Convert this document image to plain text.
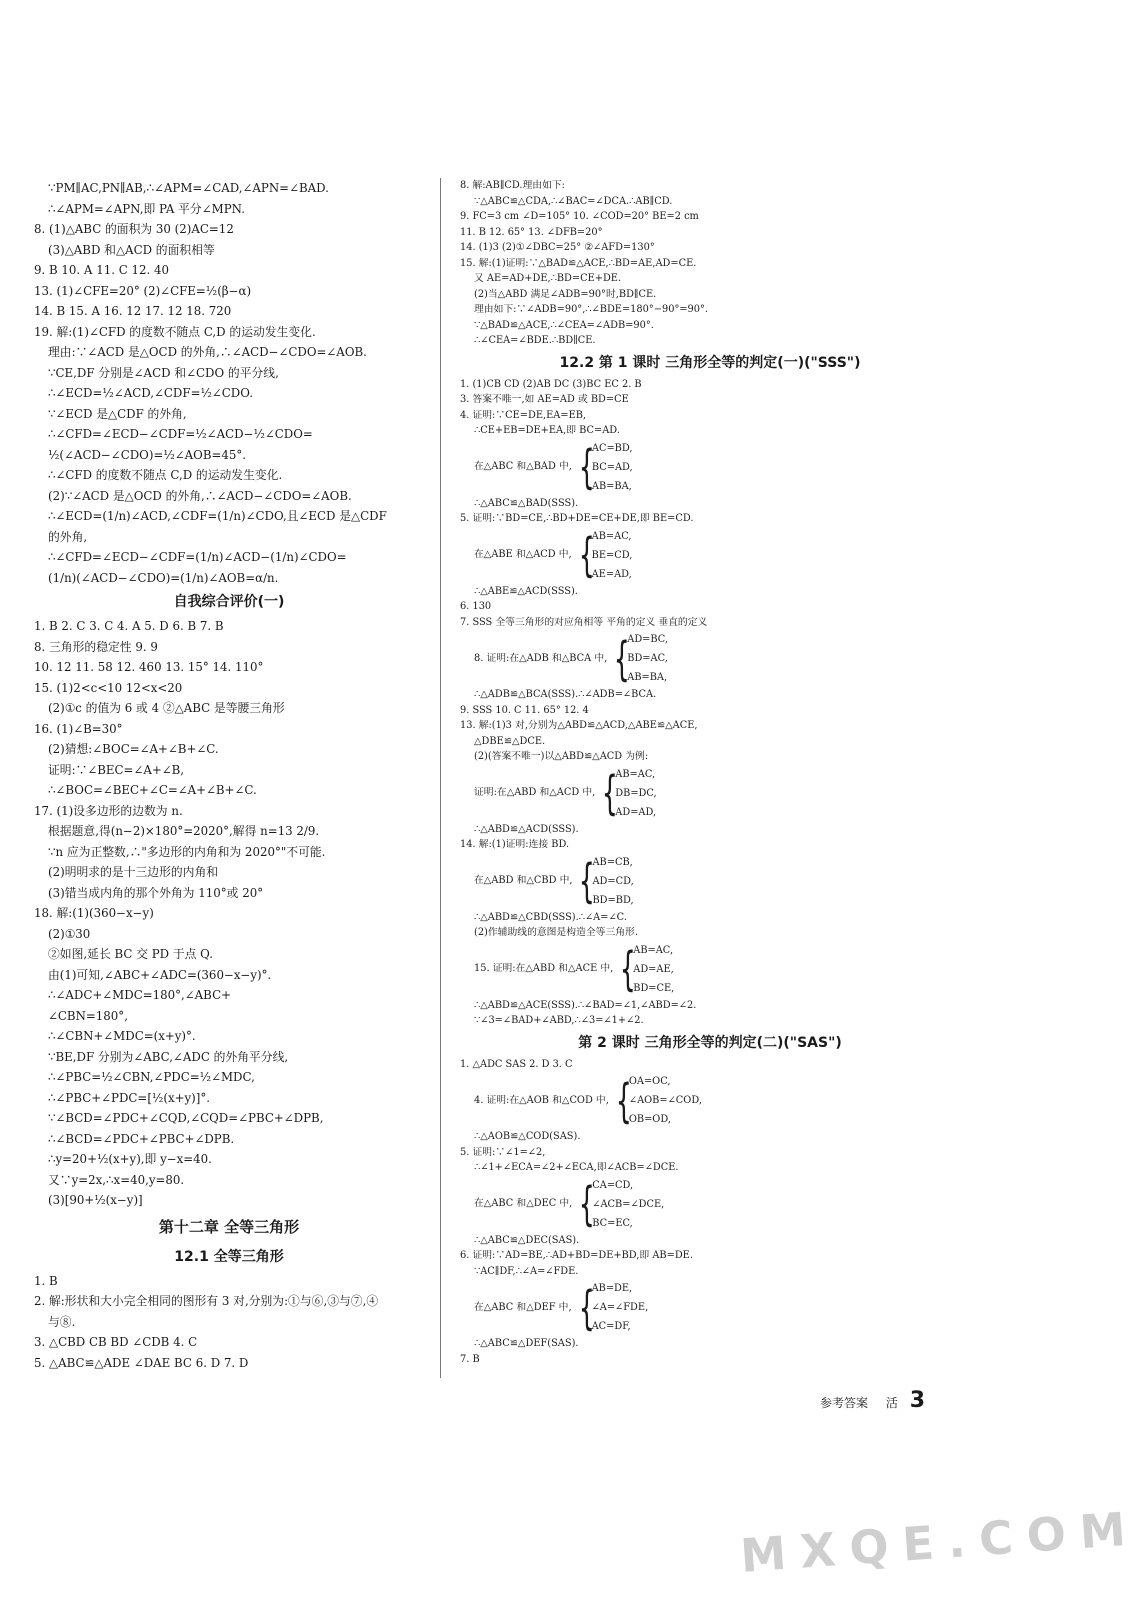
∵PM∥AC,PN∥AB,∴∠APM=∠CAD,∠APN=∠BAD.
∴∠APM=∠APN,即 PA 平分∠MPN.
8. (1)△ABC 的面积为 30 (2)AC=12
(3)△ABD 和△ACD 的面积相等
9. B 10. A 11. C 12. 40
13. (1)∠CFE=20° (2)∠CFE=½(β−α)
14. B 15. A 16. 12 17. 12 18. 720
19. 解:(1)∠CFD 的度数不随点 C,D 的运动发生变化.
理由:∵∠ACD 是△OCD 的外角,∴∠ACD−∠CDO=∠AOB.
∵CE,DF 分别是∠ACD 和∠CDO 的平分线,
∴∠ECD=½∠ACD,∠CDF=½∠CDO.
∵∠ECD 是△CDF 的外角,
∴∠CFD=∠ECD−∠CDF=½∠ACD−½∠CDO=
½(∠ACD−∠CDO)=½∠AOB=45°.
∴∠CFD 的度数不随点 C,D 的运动发生变化.
(2)∵∠ACD 是△OCD 的外角,∴∠ACD−∠CDO=∠AOB.
∴∠ECD=(1/n)∠ACD,∠CDF=(1/n)∠CDO,且∠ECD 是△CDF
的外角,
∴∠CFD=∠ECD−∠CDF=(1/n)∠ACD−(1/n)∠CDO=
(1/n)(∠ACD−∠CDO)=(1/n)∠AOB=α/n.
自我综合评价(一)
1. B 2. C 3. C 4. A 5. D 6. B 7. B
8. 三角形的稳定性 9. 9
10. 12 11. 58 12. 460 13. 15° 14. 110°
15. (1)2<c<10 12<x<20
(2)①c 的值为 6 或 4 ②△ABC 是等腰三角形
16. (1)∠B=30°
(2)猜想:∠BOC=∠A+∠B+∠C.
证明:∵∠BEC=∠A+∠B,
∴∠BOC=∠BEC+∠C=∠A+∠B+∠C.
17. (1)设多边形的边数为 n.
根据题意,得(n−2)×180°=2020°,解得 n=13 2/9.
∵n 应为正整数,∴"多边形的内角和为 2020°"不可能.
(2)明明求的是十三边形的内角和
(3)错当成内角的那个外角为 110°或 20°
18. 解:(1)(360−x−y)
(2)①30
②如图,延长 BC 交 PD 于点 Q.
由(1)可知,∠ABC+∠ADC=(360−x−y)°.
∴∠ADC+∠MDC=180°,∠ABC+
∠CBN=180°,
∴∠CBN+∠MDC=(x+y)°.
∵BE,DF 分别为∠ABC,∠ADC 的外角平分线,
∴∠PBC=½∠CBN,∠PDC=½∠MDC,
∴∠PBC+∠PDC=[½(x+y)]°.
∵∠BCD=∠PDC+∠CQD,∠CQD=∠PBC+∠DPB,
∴∠BCD=∠PDC+∠PBC+∠DPB.
∴y=20+½(x+y),即 y−x=40.
又∵y=2x,∴x=40,y=80.
(3)[90+½(x−y)]
第十二章 全等三角形
12.1 全等三角形
1. B
2. 解:形状和大小完全相同的图形有 3 对,分别为:①与⑥,③与⑦,④
与⑧.
3. △CBD CB BD ∠CDB 4. C
5. △ABC≌△ADE ∠DAE BC 6. D 7. D
8. 解:AB∥CD.理由如下:
∵△ABC≌△CDA,∴∠BAC=∠DCA.∴AB∥CD.
9. FC=3 cm ∠D=105° 10. ∠COD=20° BE=2 cm
11. B 12. 65° 13. ∠DFB=20°
14. (1)3 (2)①∠DBC=25° ②∠AFD=130°
15. 解:(1)证明:∵△BAD≌△ACE,∴BD=AE,AD=CE.
又 AE=AD+DE,∴BD=CE+DE.
(2)当△ABD 满足∠ADB=90°时,BD∥CE.
理由如下:∵∠ADB=90°,∴∠BDE=180°−90°=90°.
∵△BAD≌△ACE,∴∠CEA=∠ADB=90°.
∴∠CEA=∠BDE.∴BD∥CE.
12.2 第 1 课时 三角形全等的判定(一)("SSS")
1. (1)CB CD (2)AB DC (3)BC EC 2. B
3. 答案不唯一,如 AE=AD 或 BD=CE
4. 证明:∵CE=DE,EA=EB,
∴CE+EB=DE+EA,即 BC=AD.
在△ABC 和△BAD 中, {
AC=BD,
BC=AD,
AB=BA,
∴△ABC≌△BAD(SSS).
5. 证明:∵BD=CE,∴BD+DE=CE+DE,即 BE=CD.
在△ABE 和△ACD 中, {
AB=AC,
BE=CD,
AE=AD,
∴△ABE≌△ACD(SSS).
6. 130
7. SSS 全等三角形的对应角相等 平角的定义 垂直的定义
8. 证明:在△ADB 和△BCA 中, {
AD=BC,
BD=AC,
AB=BA,
∴△ADB≌△BCA(SSS).∴∠ADB=∠BCA.
9. SSS 10. C 11. 65° 12. 4
13. 解:(1)3 对,分别为△ABD≌△ACD,△ABE≌△ACE,
△DBE≌△DCE.
(2)(答案不唯一)以△ABD≌△ACD 为例:
证明:在△ABD 和△ACD 中, {
AB=AC,
DB=DC,
AD=AD,
∴△ABD≌△ACD(SSS).
14. 解:(1)证明:连接 BD.
在△ABD 和△CBD 中, {
AB=CB,
AD=CD,
BD=BD,
∴△ABD≌△CBD(SSS).∴∠A=∠C.
(2)作辅助线的意图是构造全等三角形.
15. 证明:在△ABD 和△ACE 中, {
AB=AC,
AD=AE,
BD=CE,
∴△ABD≌△ACE(SSS).∴∠BAD=∠1,∠ABD=∠2.
∵∠3=∠BAD+∠ABD,∴∠3=∠1+∠2.
第 2 课时 三角形全等的判定(二)("SAS")
1. △ADC SAS 2. D 3. C
4. 证明:在△AOB 和△COD 中, {
OA=OC,
∠AOB=∠COD,
OB=OD,
∴△AOB≌△COD(SAS).
5. 证明:∵∠1=∠2,
∴∠1+∠ECA=∠2+∠ECA,即∠ACB=∠DCE.
在△ABC 和△DEC 中, {
CA=CD,
∠ACB=∠DCE,
BC=EC,
∴△ABC≌△DEC(SAS).
6. 证明:∵AD=BE,∴AD+BD=DE+BD,即 AB=DE.
∵AC∥DF,∴∠A=∠FDE.
在△ABC 和△DEF 中, {
AB=DE,
∠A=∠FDE,
AC=DF,
∴△ABC≌△DEF(SAS).
7. B
参考答案 活 3
MXQE.COM
